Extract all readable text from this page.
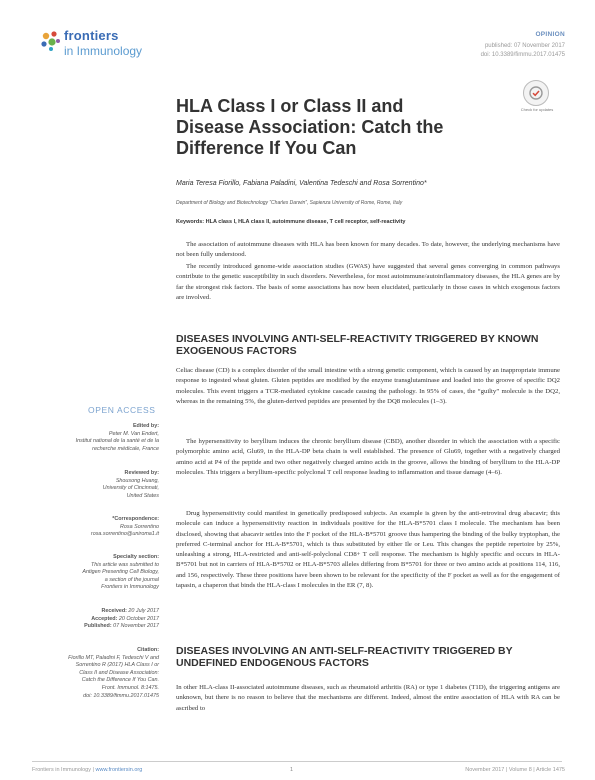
frontiers
in Immunology
OPINION
published: 07 November 2017
doi: 10.3389/fimmu.2017.01475
Check for updates
HLA Class I or Class II and Disease Association: Catch the Difference If You Can
Maria Teresa Fiorillo, Fabiana Paladini, Valentina Tedeschi and Rosa Sorrentino*
Department of Biology and Biotechnology “Charles Darwin”, Sapienza University of Rome, Rome, Italy
Keywords: HLA class I, HLA class II, autoimmune disease, T cell receptor, self-reactivity
The association of autoimmune diseases with HLA has been known for many decades. To date, however, the underlying mechanisms have not been fully understood.
The recently introduced genome-wide association studies (GWAS) have suggested that several genes converging in common pathways contribute to the genetic susceptibility in such disorders. Nevertheless, for most autoimmune/autoinflammatory diseases, the HLA genes are by far the strongest risk factors. The basis of some associations has now been elucidated, particularly in those cases in which exogenous factors are involved.
DISEASES INVOLVING ANTI-SELF-REACTIVITY TRIGGERED BY KNOWN EXOGENOUS FACTORS
Celiac disease (CD) is a complex disorder of the small intestine with a strong genetic component, which is caused by an inappropriate immune response to ingested wheat gluten. Gluten peptides are modified by the enzyme transglutaminase and loaded into the groove of specific DQ2 molecules. This event triggers a TCR-mediated cytokine cascade causing the pathology. In 95% of cases, the “guilty” molecule is the DQ2, whereas in the remaining 5%, the gluten-derived peptides are presented by the DQ8 molecules (1–3).
The hypersensitivity to beryllium induces the chronic beryllium disease (CBD), another disorder in which the association with a specific polymorphic amino acid, Glu69, in the HLA-DP beta chain is well established. The presence of Glu69, together with a negatively charged amino acid at P4 of the peptide and two other negatively charged amino acids in the groove, allows the binding of beryllium to the HLA-DP molecules. This triggers a beryllium-specific polyclonal T cell response leading to inflammation and tissue damage (4–6).
Drug hypersensitivity could manifest in genetically predisposed subjects. An example is given by the anti-retroviral drug abacavir; this molecule can induce a hypersensitivity reaction in individuals positive for the HLA-B*5701 class I molecule. The mechanism has been disclosed, showing that abacavir settles into the F pocket of the HLA-B*5701 groove thus hampering the binding of the bulky tryptophan, the preferred C-terminal anchor for HLA-B*5701, which is thus substituted by either Ile or Leu. This changes the peptide repertoire by 25%, unleashing a strong, HLA-restricted and anti-self-polyclonal CD8+ T cell response. The mechanism is highly specific and occurs in HLA-B*5701 but not in carriers of HLA-B*5702 or HLA-B*5703 alleles differing from B*5701 for three or two amino acids at positions 114, 116, and 156, respectively. These three positions have been shown to be relevant for the specificity of the F pocket as well as for the engagement of tapasin, a chaperon that binds the HLA-class I molecules in the ER (7, 8).
DISEASES INVOLVING AN ANTI-SELF-REACTIVITY TRIGGERED BY UNDEFINED ENDOGENOUS FACTORS
In other HLA-class II-associated autoimmune diseases, such as rheumatoid arthritis (RA) or type 1 diabetes (T1D), the triggering antigens are unknown, but there is no reason to believe that the mechanisms are different. Indeed, almost the entire association of HLA with RA can be ascribed to
OPEN ACCESS
Edited by:
Peter M. Van Endert,
Institut national de la santé et de la
recherche médicale, France
Reviewed by:
Shousong Huang,
University of Cincinnati,
United States
*Correspondence:
Rosa Sorrentino
rosa.sorrentino@uniroma1.it
Specialty section:
This article was submitted to
Antigen Presenting Cell Biology,
a section of the journal
Frontiers in Immunology
Received: 20 July 2017
Accepted: 20 October 2017
Published: 07 November 2017
Citation:
Fiorillo MT, Paladini F, Tedeschi V and
Sorrentino R (2017) HLA Class I or
Class II and Disease Association:
Catch the Difference If You Can.
Front. Immunol. 8:1475.
doi: 10.3389/fimmu.2017.01475
Frontiers in Immunology | www.frontiersin.org	1	November 2017 | Volume 8 | Article 1475
